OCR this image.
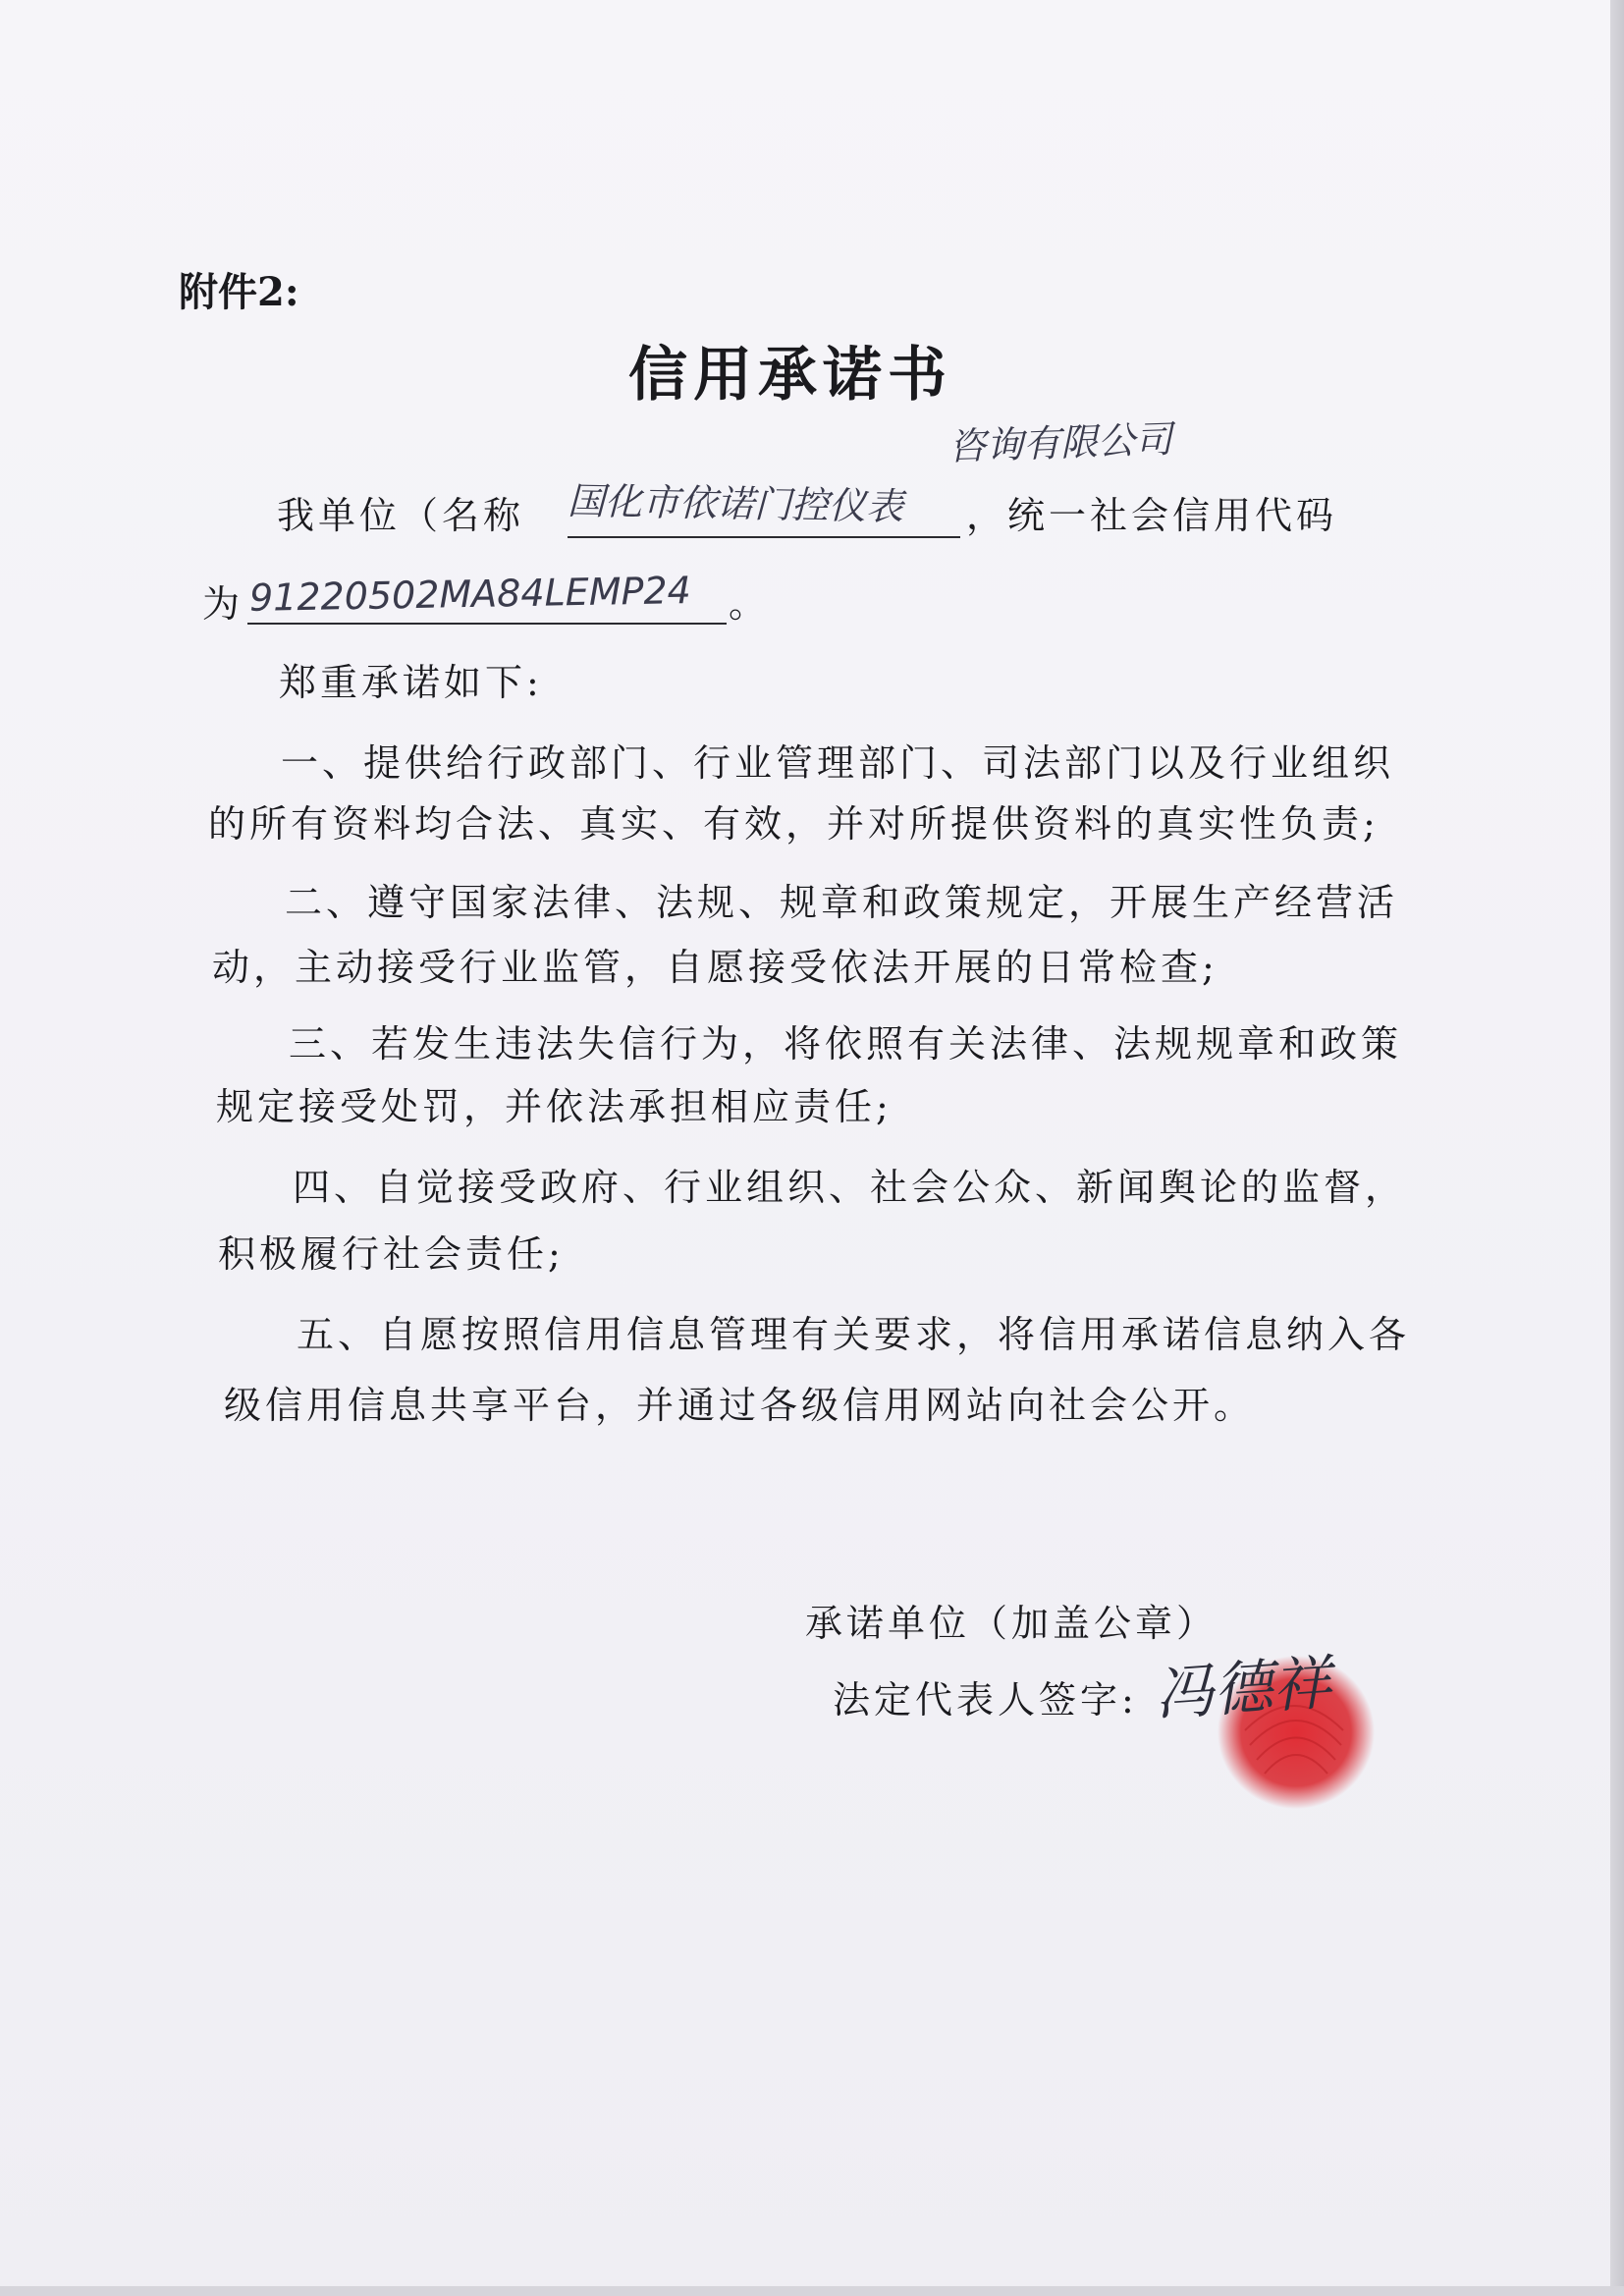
附件2:
信用承诺书
咨询有限公司
我单位（名称 国化市依诺门控仪表 ，统一社会信用代码
为 91220502MA84LEMP24 。
郑重承诺如下:
一、提供给行政部门、行业管理部门、司法部门以及行业组织
的所有资料均合法、真实、有效，并对所提供资料的真实性负责;
二、遵守国家法律、法规、规章和政策规定，开展生产经营活
动，主动接受行业监管，自愿接受依法开展的日常检查;
三、若发生违法失信行为，将依照有关法律、法规规章和政策
规定接受处罚，并依法承担相应责任;
四、自觉接受政府、行业组织、社会公众、新闻舆论的监督，
积极履行社会责任;
五、自愿按照信用信息管理有关要求，将信用承诺信息纳入各
级信用信息共享平台，并通过各级信用网站向社会公开。
承诺单位（加盖公章）
法定代表人签字: 冯德祥
